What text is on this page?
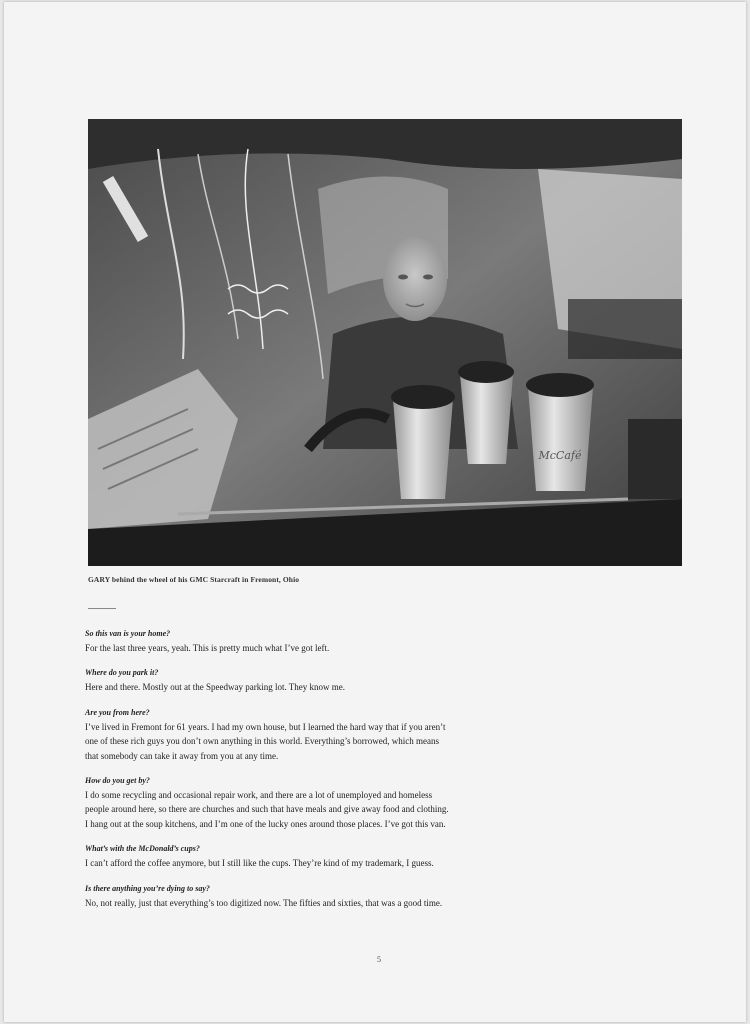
McCafé
GARY behind the wheel of his GMC Starcraft in Fremont, Ohio
So this van is your home?
For the last three years, yeah. This is pretty much what I’ve got left.
Where do you park it?
Here and there. Mostly out at the Speedway parking lot. They know me.
Are you from here?
I’ve lived in Fremont for 61 years. I had my own house, but I learned the hard way that if you aren’t
one of these rich guys you don’t own anything in this world. Everything’s borrowed, which means
that somebody can take it away from you at any time.
How do you get by?
I do some recycling and occasional repair work, and there are a lot of unemployed and homeless
people around here, so there are churches and such that have meals and give away food and clothing.
I hang out at the soup kitchens, and I’m one of the lucky ones around those places. I’ve got this van.
What’s with the McDonald’s cups?
I can’t afford the coffee anymore, but I still like the cups. They’re kind of my trademark, I guess.
Is there anything you’re dying to say?
No, not really, just that everything’s too digitized now. The fifties and sixties, that was a good time.
5
